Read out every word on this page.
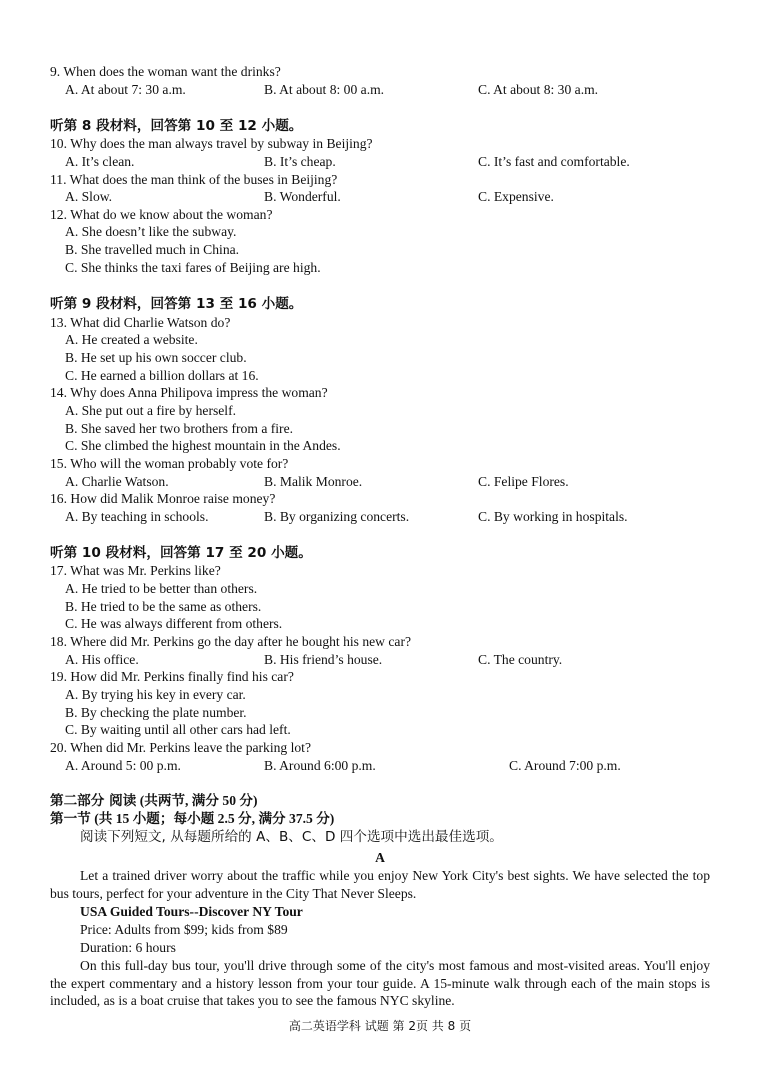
9. When does the woman want the drinks?
A. At about 7: 30 a.m.	B. At about 8: 00 a.m.	C. At about 8: 30 a.m.
听第 8 段材料，回答第 10 至 12 小题。
10. Why does the man always travel by subway in Beijing?
A. It’s clean.	B. It’s cheap.	C. It’s fast and comfortable.
11. What does the man think of the buses in Beijing?
A. Slow.	B. Wonderful.	C. Expensive.
12. What do we know about the woman?
A. She doesn’t like the subway.
B. She travelled much in China.
C. She thinks the taxi fares of Beijing are high.
听第 9 段材料，回答第 13 至 16 小题。
13. What did Charlie Watson do?
A. He created a website.
B. He set up his own soccer club.
C. He earned a billion dollars at 16.
14. Why does Anna Philipova impress the woman?
A. She put out a fire by herself.
B. She saved her two brothers from a fire.
C. She climbed the highest mountain in the Andes.
15. Who will the woman probably vote for?
A. Charlie Watson.	B. Malik Monroe.	C. Felipe Flores.
16. How did Malik Monroe raise money?
A. By teaching in schools.	B. By organizing concerts.	C. By working in hospitals.
听第 10 段材料，回答第 17 至 20 小题。
17. What was Mr. Perkins like?
A. He tried to be better than others.
B. He tried to be the same as others.
C. He was always different from others.
18. Where did Mr. Perkins go the day after he bought his new car?
A. His office.	B. His friend’s house.	C. The country.
19. How did Mr. Perkins finally find his car?
A. By trying his key in every car.
B. By checking the plate number.
C. By waiting until all other cars had left.
20. When did Mr. Perkins leave the parking lot?
A. Around 5: 00 p.m.	B. Around 6:00 p.m.	C. Around 7:00 p.m.
第二部分 阅读 (共两节, 满分 50 分)
第一节 (共 15 小题；每小题 2.5 分, 满分 37.5 分)
阅读下列短文, 从每题所给的 A、B、C、D 四个选项中选出最佳选项。
A
Let a trained driver worry about the traffic while you enjoy New York City's best sights. We have selected the top bus tours, perfect for your adventure in the City That Never Sleeps.
USA Guided Tours--Discover NY Tour
Price: Adults from $99; kids from $89
Duration: 6 hours
On this full-day bus tour, you'll drive through some of the city's most famous and most-visited areas. You'll enjoy the expert commentary and a history lesson from your tour guide. A 15-minute walk through each of the main stops is included, as is a boat cruise that takes you to see the famous NYC skyline.
高二英语学科 试题 第 2页 共 8 页
